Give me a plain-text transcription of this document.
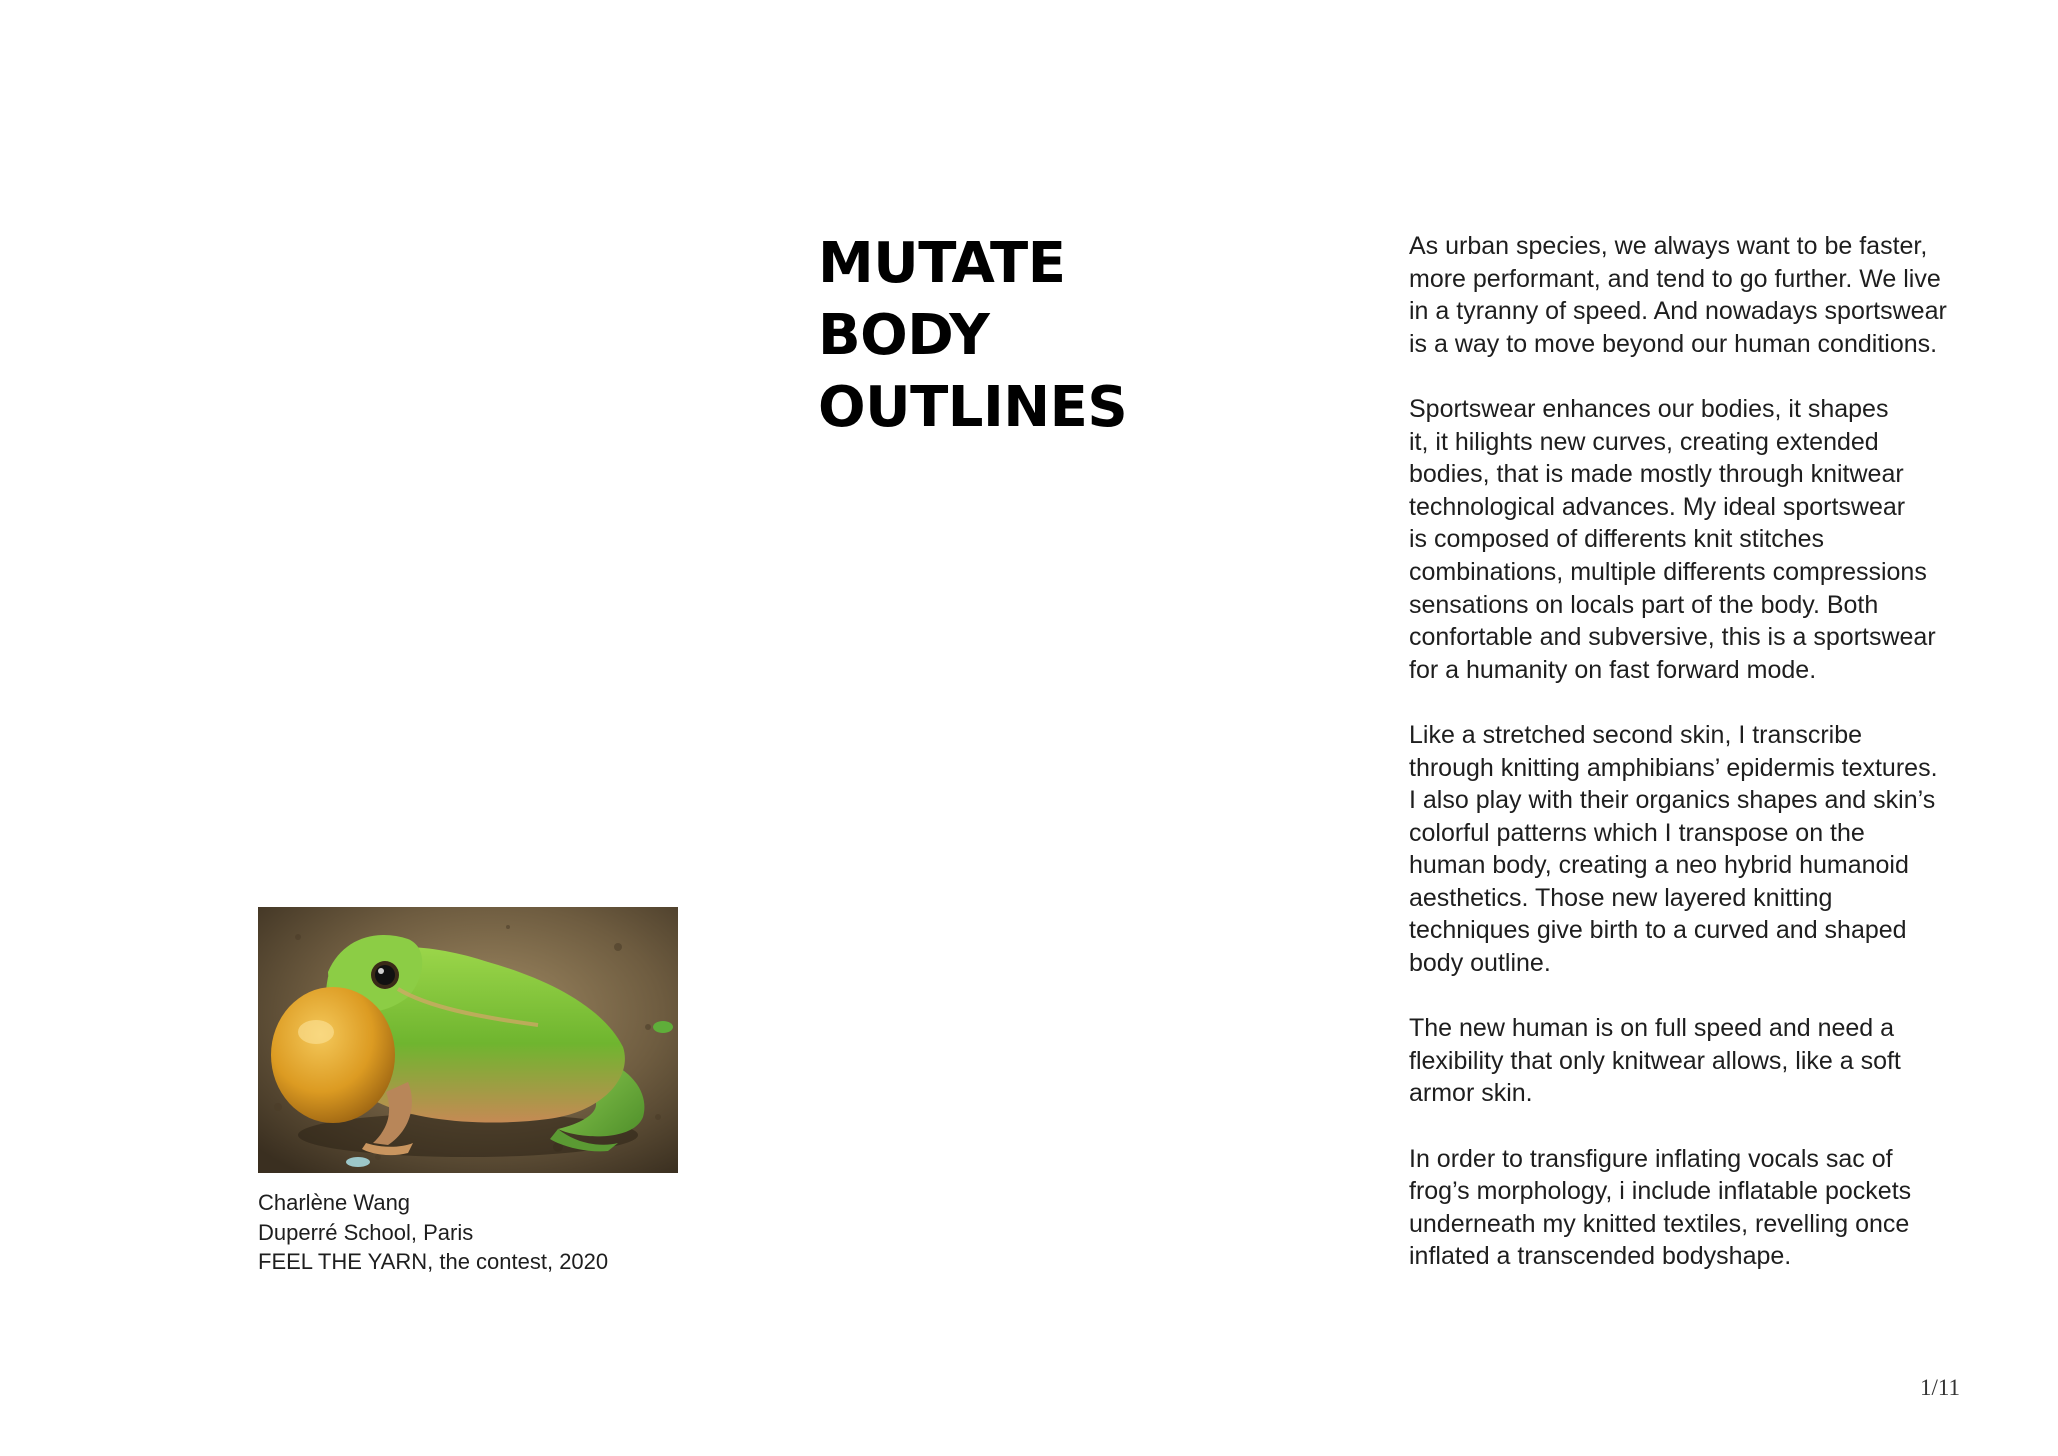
MUTATE
BODY
OUTLINES

As urban species, we always want to be faster,
more performant, and tend to go further. We live
in a tyranny of speed. And nowadays sportswear
is a way to move beyond our human conditions.

Sportswear enhances our bodies, it shapes
it, it hilights new curves, creating extended
bodies, that is made mostly through knitwear
technological advances. My ideal sportswear
is composed of differents knit stitches
combinations, multiple differents compressions
sensations on locals part of the body. Both
confortable and subversive, this is a sportswear
for a humanity on fast forward mode.

Like a stretched second skin, I transcribe
through knitting amphibians’ epidermis textures.
I also play with their organics shapes and skin’s
colorful patterns which I transpose on the
human body, creating a neo hybrid humanoid
aesthetics. Those new layered knitting
techniques give birth to a curved and shaped
body outline.

The new human is on full speed and need a
flexibility that only knitwear allows, like a soft
armor skin.

In order to transfigure inflating vocals sac of
frog’s morphology, i include inflatable pockets
underneath my knitted textiles, revelling once
inflated a transcended bodyshape.

Charlène Wang
Duperré School, Paris
FEEL THE YARN, the contest, 2020
1/11
